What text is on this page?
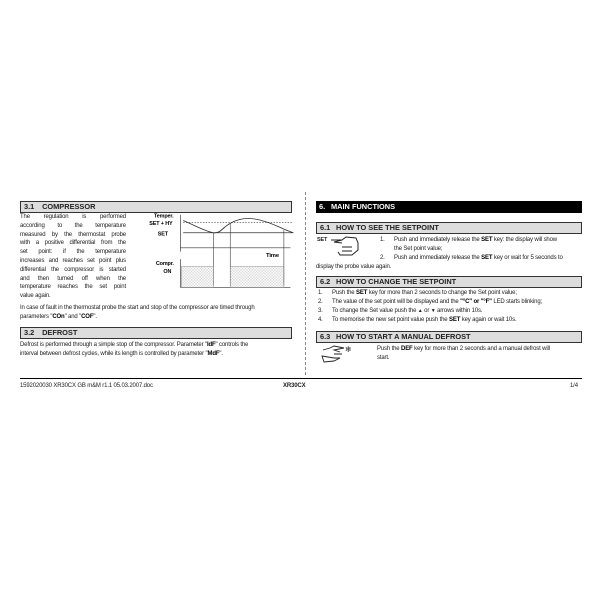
3.1 COMPRESSOR
Temper.
SET + HY
SET
Time
Compr.
ON
The regulation is performed
according to the temperature
measured by the thermostat probe
with a positive differential from the
set point: if the temperature
increases and reaches set point plus
differential the compressor is started
and then turned off when the
temperature reaches the set point
value again.
In case of fault in the thermostat probe the start and stop of the compressor are timed through
parameters "COn" and "COF".
3.2 DEFROST
Defrost is performed through a simple stop of the compressor. Parameter "IdF" controls the
interval between defrost cycles, while its length is controlled by parameter "MdF".
6. MAIN FUNCTIONS
6.1 HOW TO SEE THE SETPOINT
SET	1. Push and immediately release the SET key: the display will show
the Set point value;
2. Push and immediately release the SET key or wait for 5 seconds to
display the probe value again.
6.2 HOW TO CHANGE THE SETPOINT
1. Push the SET key for more than 2 seconds to change the Set point value;
2. The value of the set point will be displayed and the "°C" or "°F" LED starts blinking;
3. To change the Set value push the ▲ or ▼ arrows within 10s.
4. To memorise the new set point value push the SET key again or wait 10s.
6.3 HOW TO START A MANUAL DEFROST
❄	Push the DEF key for more than 2 seconds and a manual defrost will
start.
1592020030 XR30CX GB m&M r1.1 05.03.2007.doc	XR30CX	1/4
